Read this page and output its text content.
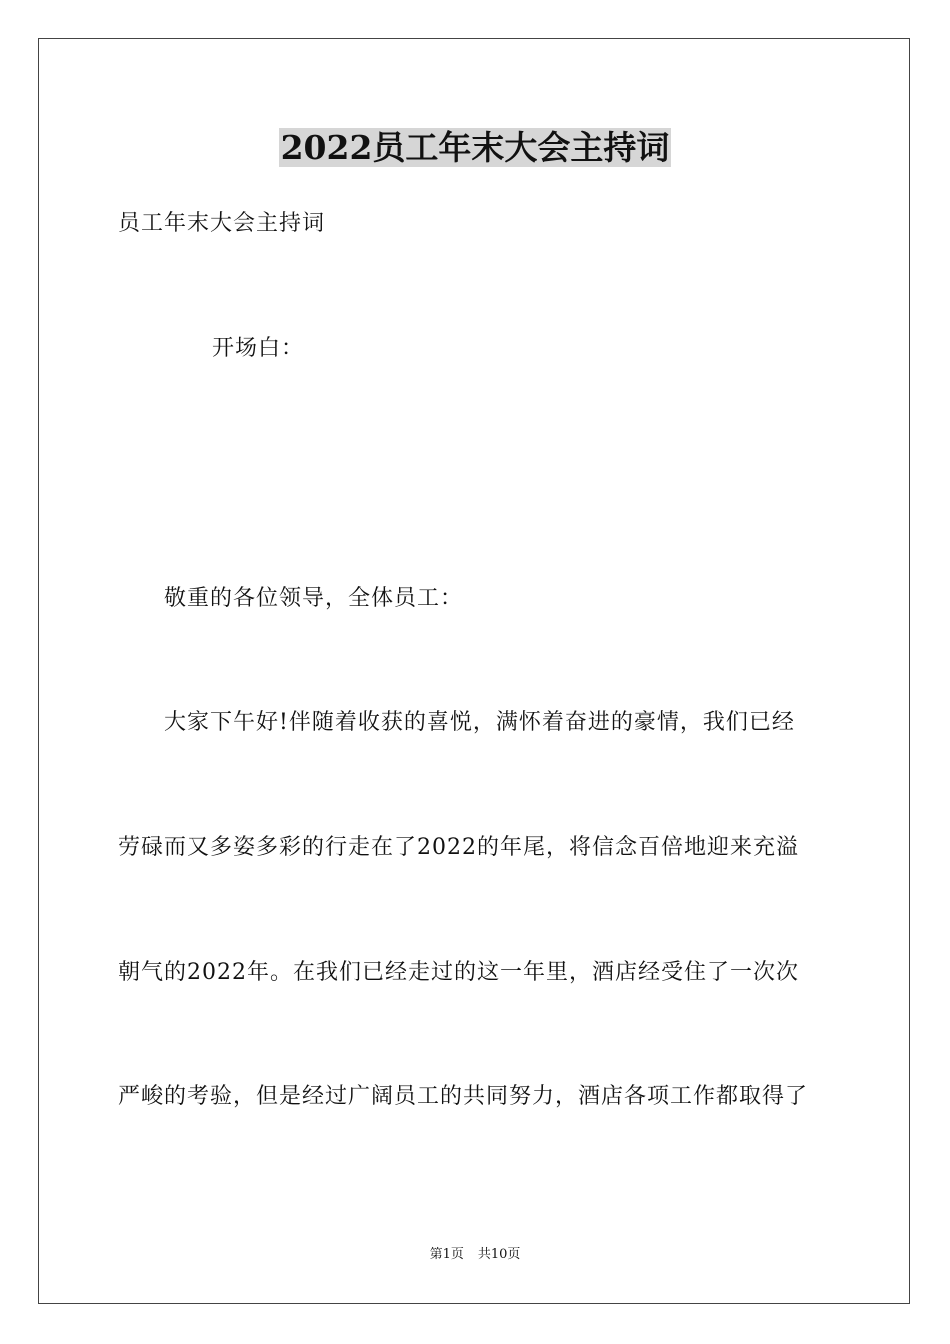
2022员工年末大会主持词
员工年末大会主持词
开场白：
敬重的各位领导，全体员工：
大家下午好!伴随着收获的喜悦，满怀着奋进的豪情，我们已经
劳碌而又多姿多彩的行走在了2022的年尾，将信念百倍地迎来充溢
朝气的2022年。在我们已经走过的这一年里，酒店经受住了一次次
严峻的考验，但是经过广阔员工的共同努力，酒店各项工作都取得了
第1页 共10页
